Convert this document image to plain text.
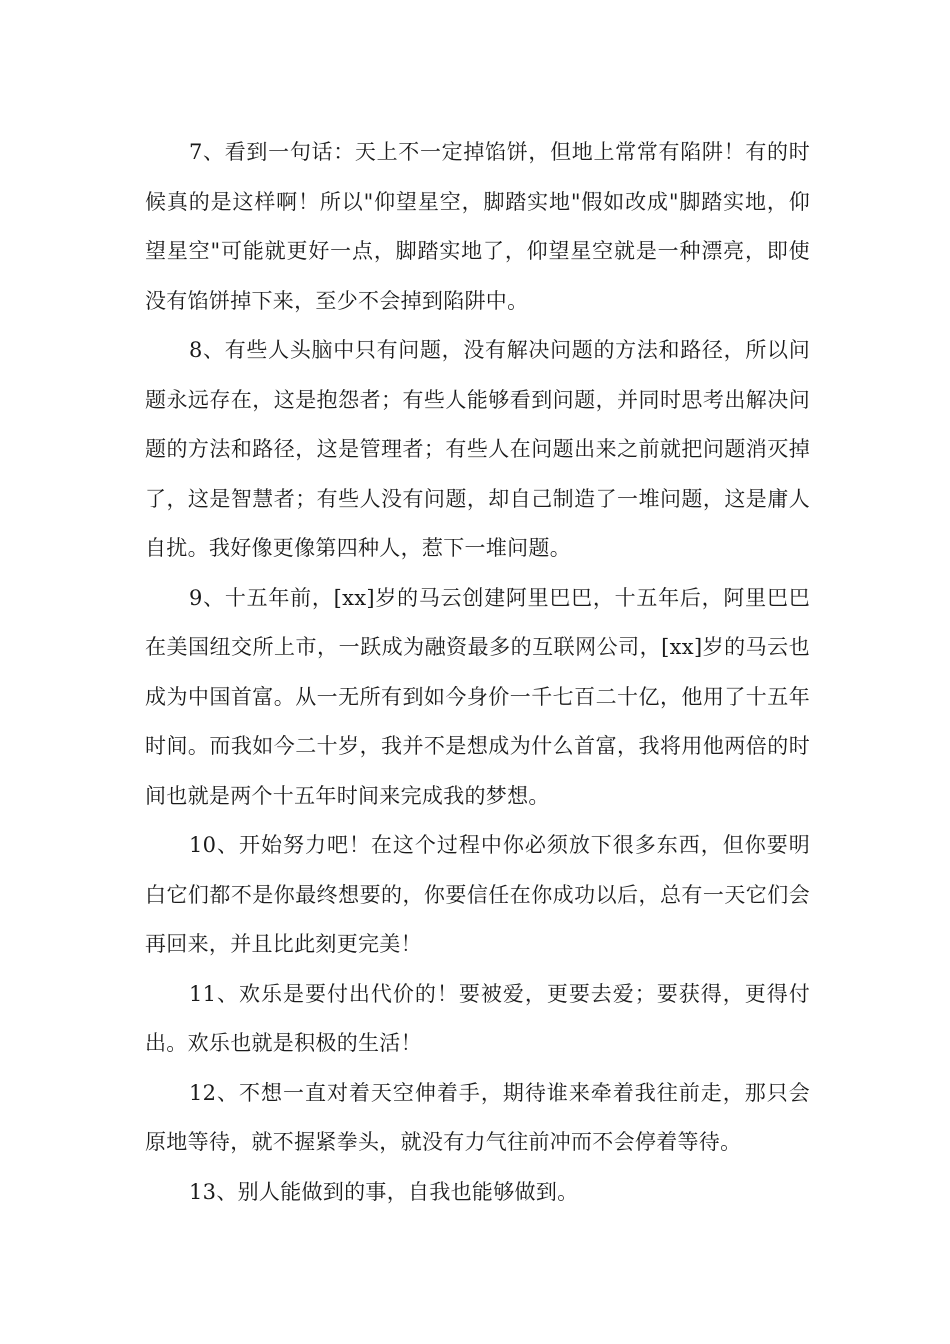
7、看到一句话：天上不一定掉馅饼，但地上常常有陷阱！有的时候真的是这样啊！所以"仰望星空，脚踏实地"假如改成"脚踏实地，仰望星空"可能就更好一点，脚踏实地了，仰望星空就是一种漂亮，即使没有馅饼掉下来，至少不会掉到陷阱中。

8、有些人头脑中只有问题，没有解决问题的方法和路径，所以问题永远存在，这是抱怨者；有些人能够看到问题，并同时思考出解决问题的方法和路径，这是管理者；有些人在问题出来之前就把问题消灭掉了，这是智慧者；有些人没有问题，却自己制造了一堆问题，这是庸人自扰。我好像更像第四种人，惹下一堆问题。

9、十五年前，[xx]岁的马云创建阿里巴巴，十五年后，阿里巴巴在美国纽交所上市，一跃成为融资最多的互联网公司，[xx]岁的马云也成为中国首富。从一无所有到如今身价一千七百二十亿，他用了十五年时间。而我如今二十岁，我并不是想成为什么首富，我将用他两倍的时间也就是两个十五年时间来完成我的梦想。

10、开始努力吧！在这个过程中你必须放下很多东西，但你要明白它们都不是你最终想要的，你要信任在你成功以后，总有一天它们会再回来，并且比此刻更完美！

11、欢乐是要付出代价的！要被爱，更要去爱；要获得，更得付出。欢乐也就是积极的生活！

12、不想一直对着天空伸着手，期待谁来牵着我往前走，那只会原地等待，就不握紧拳头，就没有力气往前冲而不会停着等待。

13、别人能做到的事，自我也能够做到。
